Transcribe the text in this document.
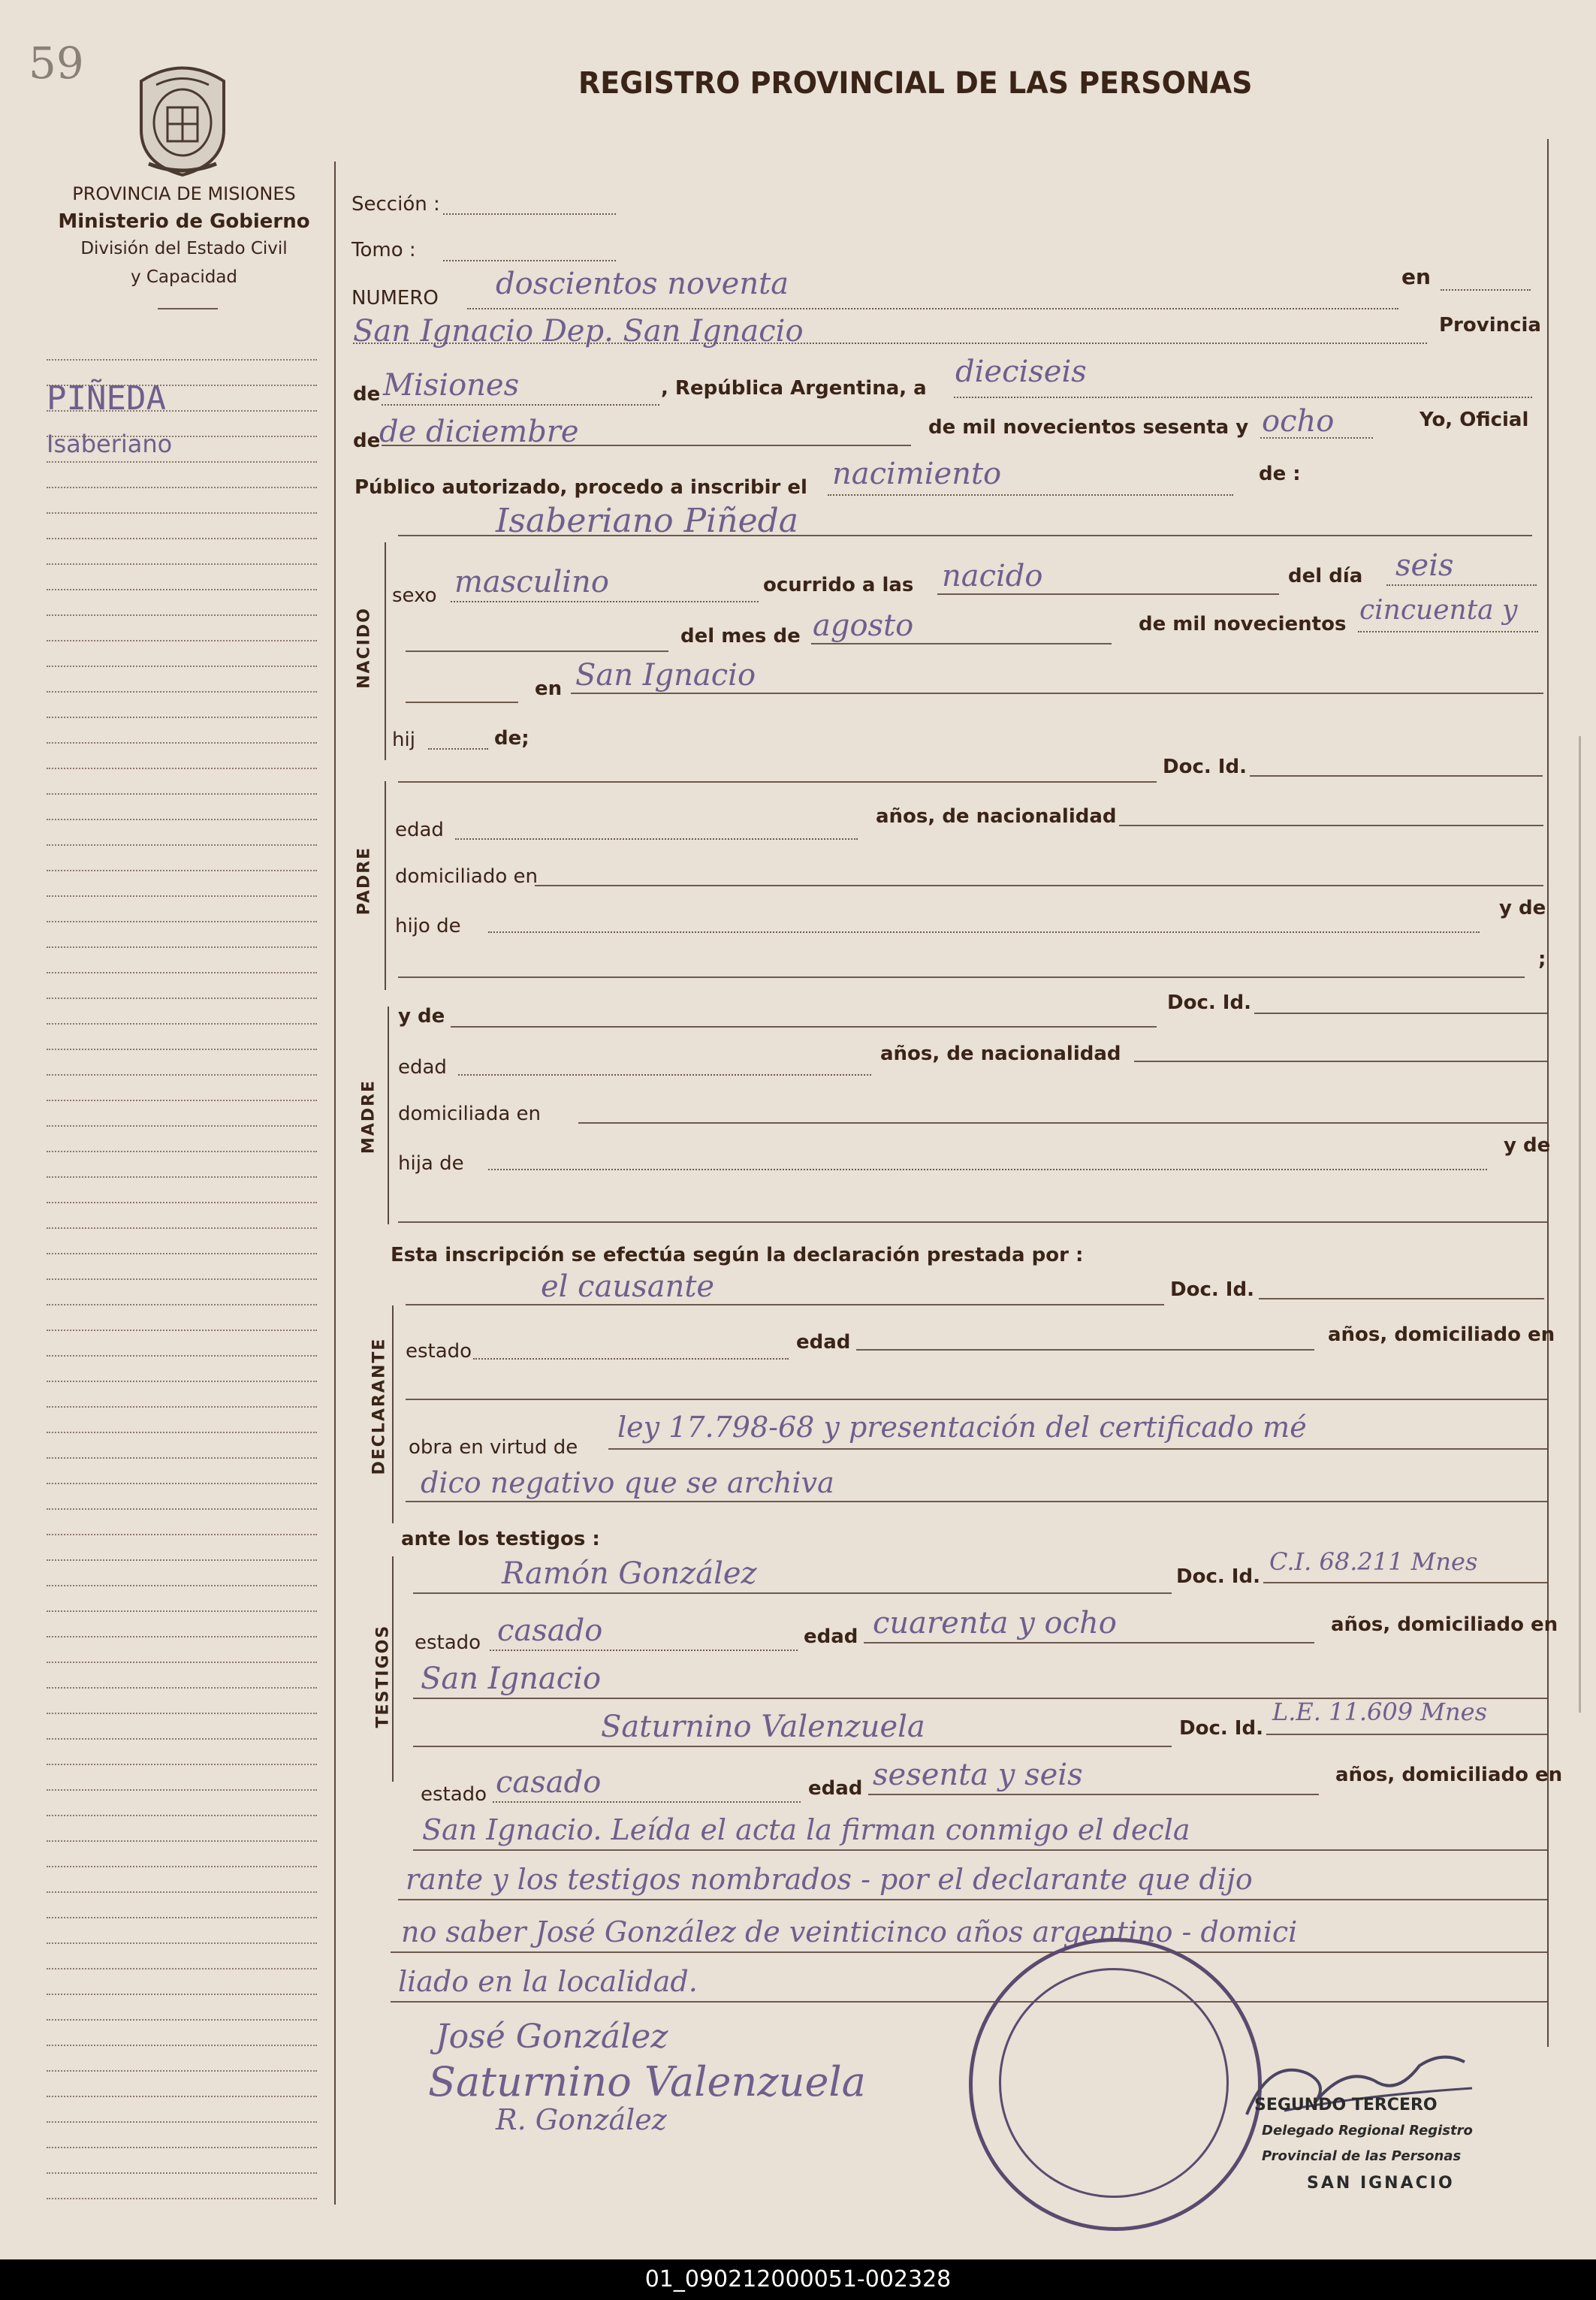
59
PROVINCIA DE MISIONES
Ministerio de Gobierno
División del Estado Civil
y Capacidad
REGISTRO PROVINCIAL DE LAS PERSONAS
PIÑEDA
Isaberiano
Sección :
Tomo :
NUMERO doscientos noventa	en
San Ignacio Dep. San Ignacio	Provincia
de Misiones	, República Argentina, a dieciseis
de
de diciembre	de mil novecientos sesenta y ocho	Yo, Oficial
Público autorizado, procedo a inscribir el nacimiento	de :
Isaberiano Piñeda
NACIDO
sexo masculino	ocurrido a las nacido	del día seis
del mes de agosto	de mil novecientos cincuenta y
en San Ignacio
hij	de;
Doc. Id.
PADRE
edad
años, de nacionalidad
domiciliado en
hijo de
y de
;
y de
Doc. Id.
MADRE
edad
años, de nacionalidad
domiciliada en
hija de
y de
Esta inscripción se efectúa según la declaración prestada por :
el causante	Doc. Id.
DECLARANTE estado	edad	años, domiciliado en
obra en virtud de
ley 17.798-68 y presentación del certificado mé
dico negativo que se archiva
ante los testigos :
TESTIGOS
Ramón González	Doc. Id.
C.I. 68.211 Mnes
estado casado	edad cuarenta y ocho	años, domiciliado en
San Ignacio
Saturnino Valenzuela	Doc. Id.
L.E. 11.609 Mnes
estado casado	edad sesenta y seis	años, domiciliado en
San Ignacio. Leída el acta la firman conmigo el decla
rante y los testigos nombrados - por el declarante que dijo
no saber José González de veinticinco años argentino - domici
liado en la localidad.
José González
Saturnino Valenzuela
R. González	SEGUNDO TERCERO
Delegado Regional Registro
Provincial de las Personas
SAN IGNACIO
01_090212000051-002328
